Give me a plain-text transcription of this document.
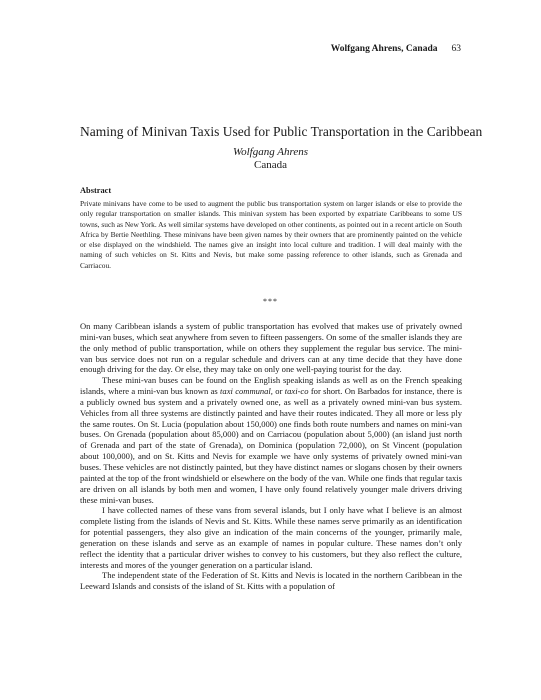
Wolfgang Ahrens, Canada 63
Naming of Minivan Taxis Used for Public Transportation in the Caribbean
Wolfgang Ahrens
Canada
Abstract

Private minivans have come to be used to augment the public bus transportation system on larger islands or else to provide the only regular transportation on smaller islands. This minivan system has been exported by expatriate Caribbeans to some US towns, such as New York. As well similar systems have developed on other continents, as pointed out in a recent article on South Africa by Bertie Neethling. These minivans have been given names by their owners that are prominently painted on the vehicle or else displayed on the windshield. The names give an insight into local culture and tradition. I will deal mainly with the naming of such vehicles on St. Kitts and Nevis, but make some passing reference to other islands, such as Grenada and Carriacou.

***

On many Caribbean islands a system of public transportation has evolved that makes use of privately owned mini-van buses, which seat anywhere from seven to fifteen passengers. On some of the smaller islands they are the only method of public transportation, while on others they supplement the regular bus service. The mini-van bus service does not run on a regular schedule and drivers can at any time decide that they have done enough driving for the day. Or else, they may take on only one well-paying tourist for the day.

These mini-van buses can be found on the English speaking islands as well as on the French speaking islands, where a mini-van bus known as taxi communal, or taxi-co for short. On Barbados for instance, there is a publicly owned bus system and a privately owned one, as well as a privately owned mini-van bus system. Vehicles from all three systems are distinctly painted and have their routes indicated. They all more or less ply the same routes. On St. Lucia (population about 150,000) one finds both route numbers and names on mini-van buses. On Grenada (population about 85,000) and on Carriacou (population about 5,000) (an island just north of Grenada and part of the state of Grenada), on Dominica (population 72,000), on St Vincent (population about 100,000), and on St. Kitts and Nevis for example we have only systems of privately owned mini-van buses. These vehicles are not distinctly painted, but they have distinct names or slogans chosen by their owners painted at the top of the front windshield or elsewhere on the body of the van. While one finds that regular taxis are driven on all islands by both men and women, I have only found relatively younger male drivers driving these mini-van buses.

I have collected names of these vans from several islands, but I only have what I believe is an almost complete listing from the islands of Nevis and St. Kitts. While these names serve primarily as an identification for potential passengers, they also give an indication of the main concerns of the younger, primarily male, generation on these islands and serve as an example of names in popular culture. These names don’t only reflect the identity that a particular driver wishes to convey to his customers, but they also reflect the culture, interests and mores of the younger generation on a particular island.

The independent state of the Federation of St. Kitts and Nevis is located in the northern Caribbean in the Leeward Islands and consists of the island of St. Kitts with a population of
